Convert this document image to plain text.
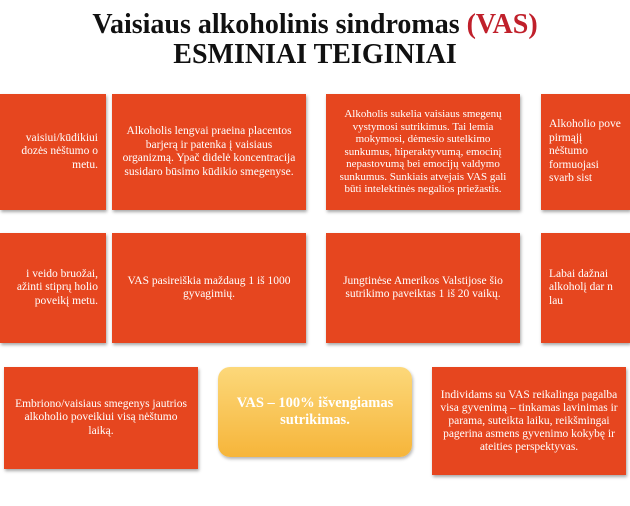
Vaisiaus alkoholinis sindromas (VAS)
ESMINIAI TEIGINIAI
vaisiui/kūdikiui dozės nėštumo o metu.
Alkoholis lengvai praeina placentos barjerą ir patenka į vaisiaus organizmą. Ypač didelė koncentracija susidaro būsimo kūdikio smegenyse.
Alkoholis sukelia vaisiaus smegenų vystymosi sutrikimus. Tai lemia mokymosi, dėmesio sutelkimo sunkumus, hiperaktyvumą, emocinį nepastovumą bei emocijų valdymo sunkumus. Sunkiais atvejais VAS gali būti intelektinės negalios priežastis.
Alkoholio pove pirmąjį nėštumo formuojasi svarb sist
i veido bruožai, ažinti stiprų holio poveikį metu.
VAS pasireiškia maždaug 1 iš 1000 gyvagimių.
Jungtinėse Amerikos Valstijose šio sutrikimo paveiktas 1 iš 20 vaikų.
Labai dažnai alkoholį dar n lau
Embriono/vaisiaus smegenys jautrios alkoholio poveikiui visą nėštumo laiką.
VAS – 100% išvengiamas sutrikimas.
Individams su VAS reikalinga pagalba visa gyvenimą – tinkamas lavinimas ir parama, suteikta laiku, reikšmingai pagerina asmens gyvenimo kokybę ir ateities perspektyvas.
